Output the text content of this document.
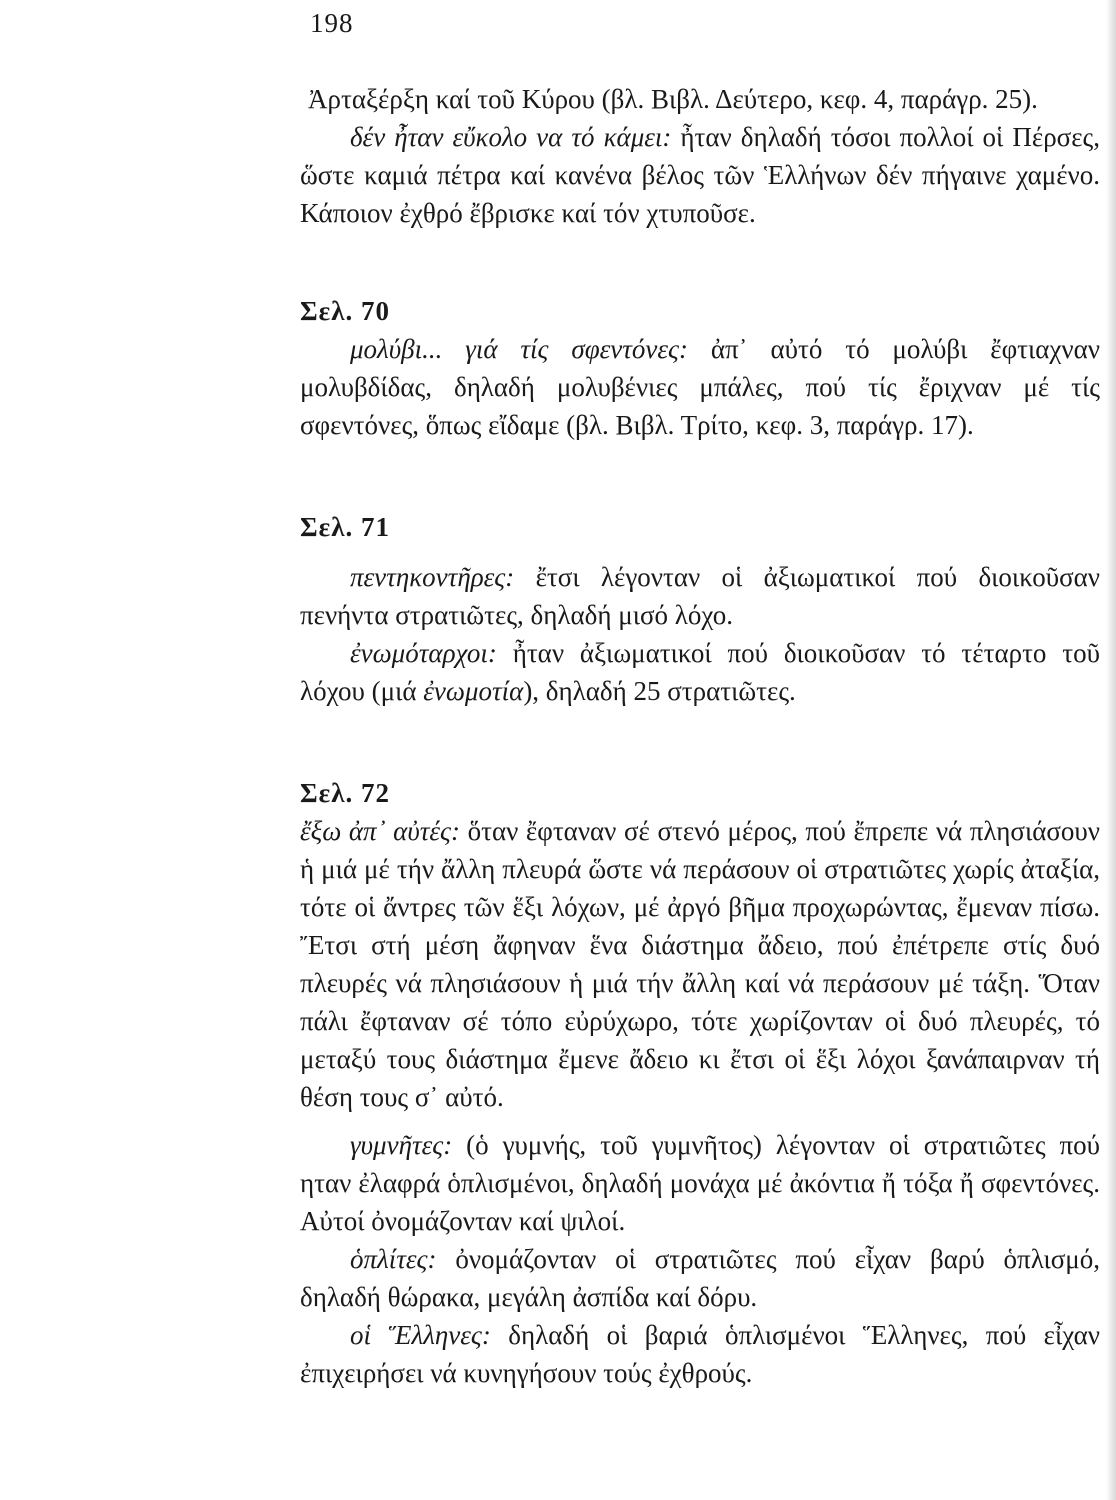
198

Ἀρταξέρξη καί τοῦ Κύρου (βλ. Βιβλ. Δεύτερο, κεφ. 4, παράγρ. 25).

δέν ἦταν εὔκολο να τό κάμει: ἦταν δηλαδή τόσοι πολλοί οἱ Πέρσες, ὥστε καμιά πέτρα καί κανένα βέλος τῶν Ἑλλήνων δέν πήγαινε χαμένο. Κάποιον ἐχθρό ἔβρισκε καί τόν χτυποῦσε.

Σελ. 70

μολύβι... γιά τίς σφεντόνες: ἀπ᾽ αὐτό τό μολύβι ἔφτιαχναν μολυβδίδας, δηλαδή μολυβένιες μπάλες, πού τίς ἔριχναν μέ τίς σφεντόνες, ὅπως εἴδαμε (βλ. Βιβλ. Τρίτο, κεφ. 3, παράγρ. 17).

Σελ. 71

πεντηκοντῆρες: ἔτσι λέγονταν οἱ ἀξιωματικοί πού διοικοῦσαν πενήντα στρατιῶτες, δηλαδή μισό λόχο.

ἐνωμόταρχοι: ἦταν ἀξιωματικοί πού διοικοῦσαν τό τέταρτο τοῦ λόχου (μιά ἐνωμοτία), δηλαδή 25 στρατιῶτες.

Σελ. 72

ἔξω ἀπ᾽ αὐτές: ὅταν ἔφταναν σέ στενό μέρος, πού ἔπρεπε νά πλησιάσουν ἡ μιά μέ τήν ἄλλη πλευρά ὥστε νά περάσουν οἱ στρατιῶτες χωρίς ἀταξία, τότε οἱ ἄντρες τῶν ἕξι λόχων, μέ ἀργό βῆμα προχωρώντας, ἔμεναν πίσω. Ἔτσι στή μέση ἄφηναν ἕνα διάστημα ἄδειο, πού ἐπέτρεπε στίς δυό πλευρές νά πλησιάσουν ἡ μιά τήν ἄλλη καί νά περάσουν μέ τάξη. Ὅταν πάλι ἔφταναν σέ τόπο εὐρύχωρο, τότε χωρίζονταν οἱ δυό πλευρές, τό μεταξύ τους διάστημα ἔμενε ἄδειο κι ἔτσι οἱ ἕξι λόχοι ξανάπαιρναν τή θέση τους σ᾽ αὐτό.

γυμνῆτες: (ὁ γυμνής, τοῦ γυμνῆτος) λέγονταν οἱ στρατιῶτες πού ηταν ἐλαφρά ὁπλισμένοι, δηλαδή μονάχα μέ ἀκόντια ἤ τόξα ἤ σφεντόνες. Αὐτοί ὀνομάζονταν καί ψιλοί.

ὁπλίτες: ὀνομάζονταν οἱ στρατιῶτες πού εἶχαν βαρύ ὁπλισμό, δηλαδή θώρακα, μεγάλη ἀσπίδα καί δόρυ.

οἱ Ἕλληνες: δηλαδή οἱ βαριά ὁπλισμένοι Ἕλληνες, πού εἶχαν ἐπιχειρήσει νά κυνηγήσουν τούς ἐχθρούς.
